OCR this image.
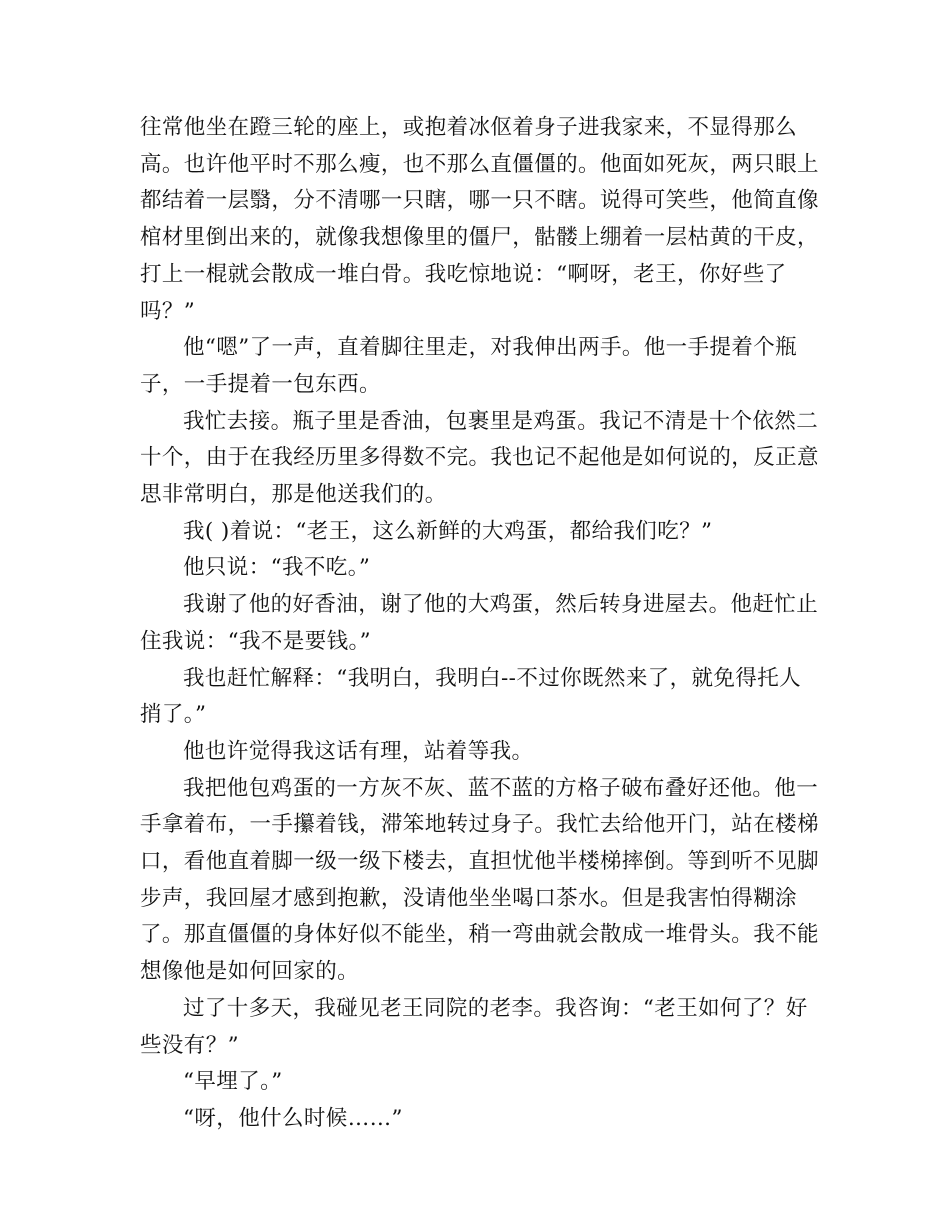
往常他坐在蹬三轮的座上，或抱着冰伛着身子进我家来，不显得那么高。也许他平时不那么瘦，也不那么直僵僵的。他面如死灰，两只眼上都结着一层翳，分不清哪一只瞎，哪一只不瞎。说得可笑些，他简直像棺材里倒出来的，就像我想像里的僵尸，骷髅上绷着一层枯黄的干皮，打上一棍就会散成一堆白骨。我吃惊地说：“啊呀，老王，你好些了吗？”

他“嗯”了一声，直着脚往里走，对我伸出两手。他一手提着个瓶子，一手提着一包东西。

我忙去接。瓶子里是香油，包裹里是鸡蛋。我记不清是十个依然二十个，由于在我经历里多得数不完。我也记不起他是如何说的，反正意思非常明白，那是他送我们的。

我( )着说：“老王，这么新鲜的大鸡蛋，都给我们吃？”

他只说：“我不吃。”

我谢了他的好香油，谢了他的大鸡蛋，然后转身进屋去。他赶忙止住我说：“我不是要钱。”

我也赶忙解释：“我明白，我明白--不过你既然来了，就免得托人捎了。”

他也许觉得我这话有理，站着等我。

我把他包鸡蛋的一方灰不灰、蓝不蓝的方格子破布叠好还他。他一手拿着布，一手攥着钱，滞笨地转过身子。我忙去给他开门，站在楼梯口，看他直着脚一级一级下楼去，直担忧他半楼梯摔倒。等到听不见脚步声，我回屋才感到抱歉，没请他坐坐喝口茶水。但是我害怕得糊涂了。那直僵僵的身体好似不能坐，稍一弯曲就会散成一堆骨头。我不能想像他是如何回家的。

过了十多天，我碰见老王同院的老李。我咨询：“老王如何了？好些没有？”

“早埋了。”

“呀，他什么时候……”
